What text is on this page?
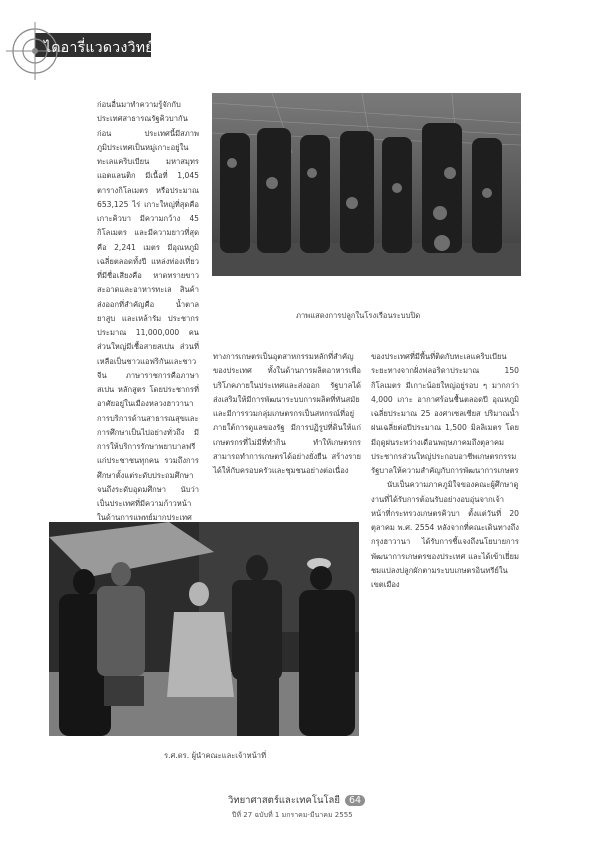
ไดอารี่แวดวงวิทย์

ก่อนอื่นมาทำความรู้จักกับประเทศสาธารณรัฐคิวบากันก่อน ประเทศนี้มีสภาพภูมิประเทศเป็นหมู่เกาะอยู่ในทะเลแคริบเบียน มหาสมุทรแอตแลนติก มีเนื้อที่ 1,045 ตารางกิโลเมตร หรือประมาณ 653,125 ไร่ เกาะใหญ่ที่สุดคือ เกาะคิวบา มีความกว้าง 45 กิโลเมตร และมีความยาวที่สุดคือ 2,241 เมตร มีอุณหภูมิเฉลี่ยตลอดทั้งปี แหล่งท่องเที่ยวที่มีชื่อเสียงคือ หาดทรายขาวสะอาดและอาหารทะเล สินค้าส่งออกที่สำคัญคือ น้ำตาล ยาสูบ และเหล้ารัม ประชากรประมาณ 11,000,000 คน ส่วนใหญ่มีเชื้อสายสเปน ส่วนที่เหลือเป็นชาวแอฟริกันและชาวจีน ภาษาราชการคือภาษาสเปน หลักสูตร โดยประชากรที่อาศัยอยู่ในเมืองหลวงฮาวานา การบริการด้านสาธารณสุขและการศึกษาเป็นไปอย่างทั่วถึง มีการให้บริการรักษาพยาบาลฟรีแก่ประชาชนทุกคน รวมถึงการศึกษาตั้งแต่ระดับประถมศึกษาจนถึงระดับอุดมศึกษา นับว่าเป็นประเทศที่มีความก้าวหน้าในด้านการแพทย์มากประเทศ

ทางการเกษตรเป็นอุตสาหกรรมหลักที่สำคัญของประเทศ ทั้งในด้านการผลิตอาหารเพื่อบริโภคภายในประเทศและส่งออก รัฐบาลได้ส่งเสริมให้มีการพัฒนาระบบการผลิตที่ทันสมัย และมีการรวมกลุ่มเกษตรกรเป็นสหกรณ์ที่อยู่ภายใต้การดูแลของรัฐ มีการปฏิรูปที่ดินให้แก่เกษตรกรที่ไม่มีที่ทำกิน ทำให้เกษตรกรสามารถทำการเกษตรได้อย่างยั่งยืน สร้างรายได้ให้กับครอบครัวและชุมชนอย่างต่อเนื่อง

ของประเทศที่มีพื้นที่ติดกับทะเลแคริบเบียน ระยะทางจากฝั่งฟลอริดาประมาณ 150 กิโลเมตร มีเกาะน้อยใหญ่อยู่รอบ ๆ มากกว่า 4,000 เกาะ อากาศร้อนชื้นตลอดปี อุณหภูมิเฉลี่ยประมาณ 25 องศาเซลเซียส ปริมาณน้ำฝนเฉลี่ยต่อปีประมาณ 1,500 มิลลิเมตร โดยมีฤดูฝนระหว่างเดือนพฤษภาคมถึงตุลาคม ประชากรส่วนใหญ่ประกอบอาชีพเกษตรกรรม รัฐบาลให้ความสำคัญกับการพัฒนาการเกษตร

นับเป็นความภาคภูมิใจของคณะผู้ศึกษาดูงานที่ได้รับการต้อนรับอย่างอบอุ่นจากเจ้าหน้าที่กระทรวงเกษตรคิวบา ตั้งแต่วันที่ 20 ตุลาคม พ.ศ. 2554 หลังจากที่คณะเดินทางถึงกรุงฮาวานา ได้รับการชี้แจงถึงนโยบายการพัฒนาการเกษตรของประเทศ และได้เข้าเยี่ยมชมแปลงปลูกผักตามระบบเกษตรอินทรีย์ในเขตเมือง

ภาพแสดงการปลูกในโรงเรือนระบบปิด
ร.ศ.ดร. ผู้นำคณะและเจ้าหน้าที่
วิทยาศาสตร์และเทคโนโลยี 64
ปีที่ 27 ฉบับที่ 1 มกราคม-มีนาคม 2555
